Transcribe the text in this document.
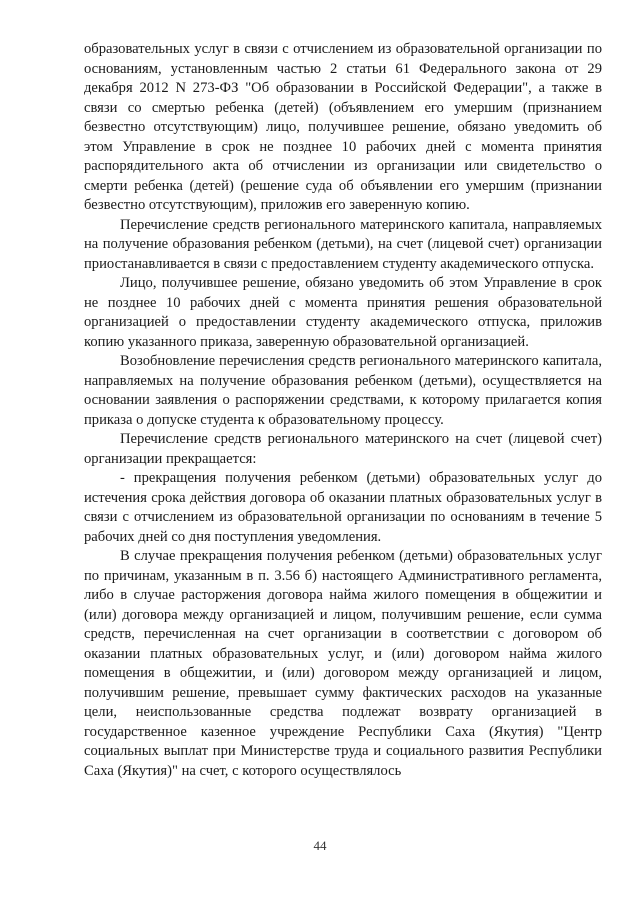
образовательных услуг в связи с отчислением из образовательной организации по основаниям, установленным частью 2 статьи 61 Федерального закона от 29 декабря 2012 N 273-ФЗ "Об образовании в Российской Федерации", а также в связи со смертью ребенка (детей) (объявлением его умершим (признанием безвестно отсутствующим) лицо, получившее решение, обязано уведомить об этом Управление в срок не позднее 10 рабочих дней с момента принятия распорядительного акта об отчислении из организации или свидетельство о смерти ребенка (детей) (решение суда об объявлении его умершим (признании безвестно отсутствующим), приложив его заверенную копию.

Перечисление средств регионального материнского капитала, направляемых на получение образования ребенком (детьми), на счет (лицевой счет) организации приостанавливается в связи с предоставлением студенту академического отпуска.

Лицо, получившее решение, обязано уведомить об этом Управление в срок не позднее 10 рабочих дней с момента принятия решения образовательной организацией о предоставлении студенту академического отпуска, приложив копию указанного приказа, заверенную образовательной организацией.

Возобновление перечисления средств регионального материнского капитала, направляемых на получение образования ребенком (детьми), осуществляется на основании заявления о распоряжении средствами, к которому прилагается копия приказа о допуске студента к образовательному процессу.

Перечисление средств регионального материнского на счет (лицевой счет) организации прекращается:

- прекращения получения ребенком (детьми) образовательных услуг до истечения срока действия договора об оказании платных образовательных услуг в связи с отчислением из образовательной организации по основаниям в течение 5 рабочих дней со дня поступления уведомления.

В случае прекращения получения ребенком (детьми) образовательных услуг по причинам, указанным в п. 3.56 б) настоящего Административного регламента, либо в случае расторжения договора найма жилого помещения в общежитии и (или) договора между организацией и лицом, получившим решение, если сумма средств, перечисленная на счет организации в соответствии с договором об оказании платных образовательных услуг, и (или) договором найма жилого помещения в общежитии, и (или) договором между организацией и лицом, получившим решение, превышает сумму фактических расходов на указанные цели, неиспользованные средства подлежат возврату организацией в государственное казенное учреждение Республики Саха (Якутия) "Центр социальных выплат при Министерстве труда и социального развития Республики Саха (Якутия)" на счет, с которого осуществлялось

44
